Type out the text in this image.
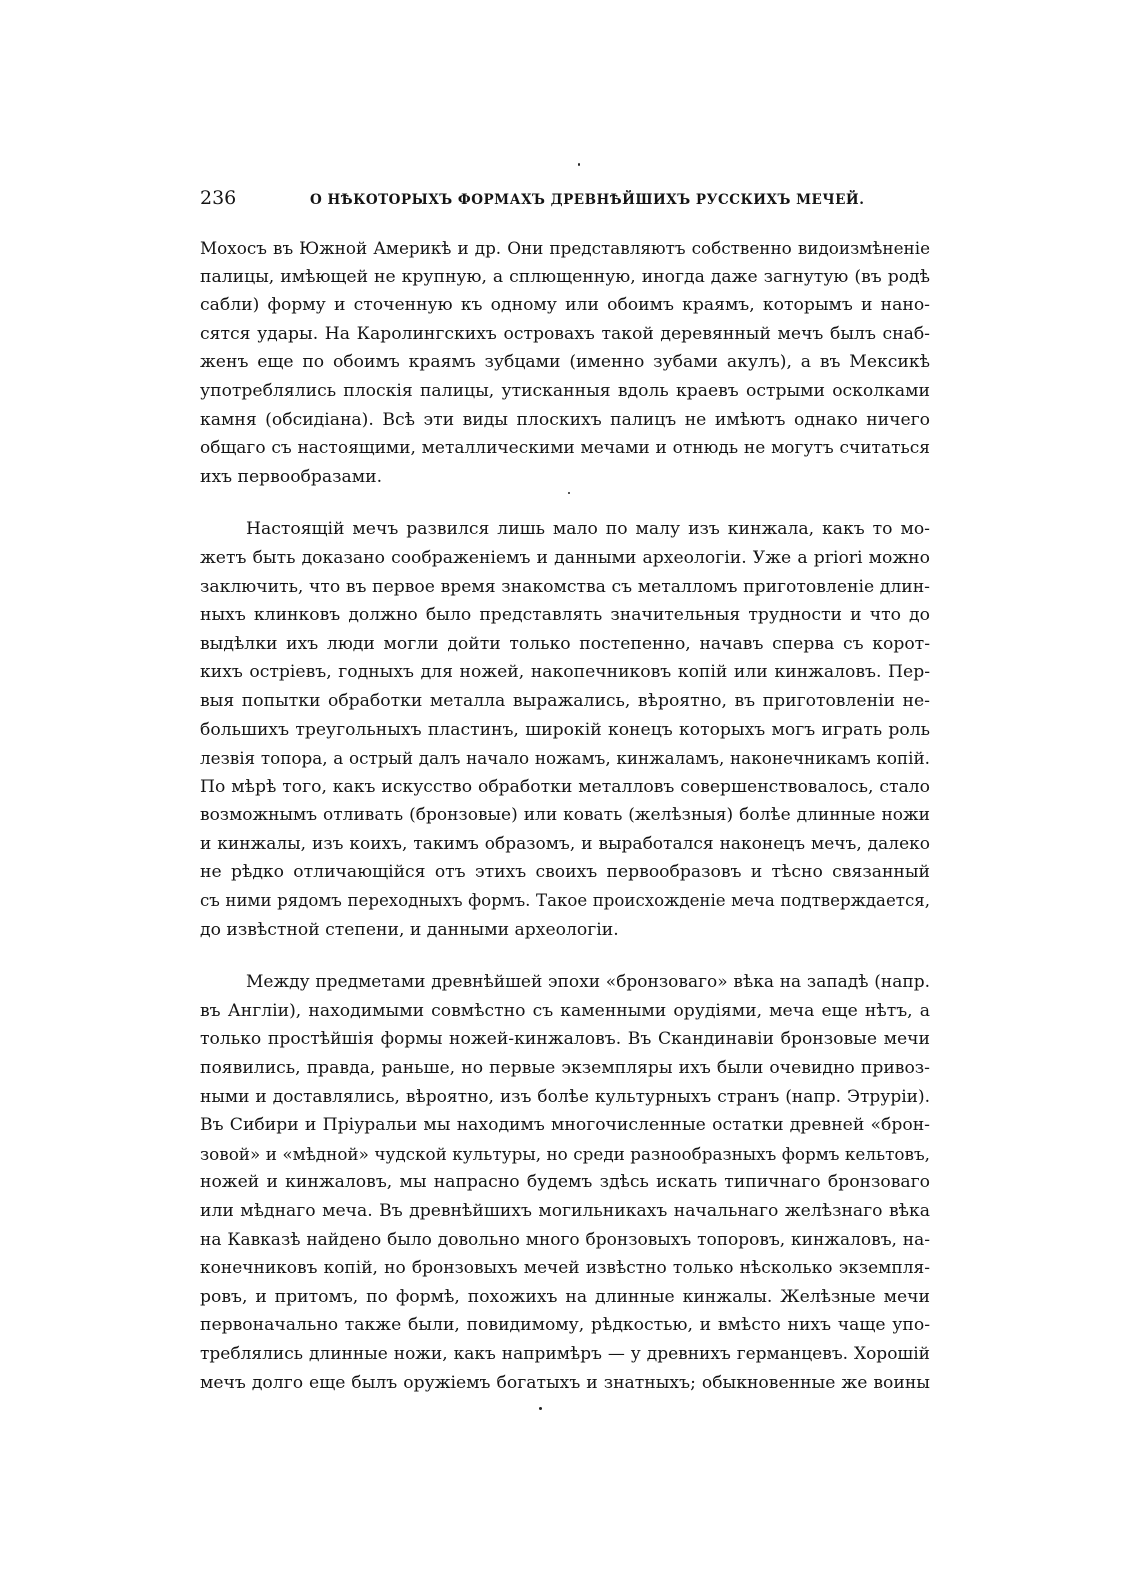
236	О НѢКОТОРЫХЪ ФОРМАХЪ ДРЕВНѢЙШИХЪ РУССКИХЪ МЕЧЕЙ.
Мохосъ въ Южной Америкѣ и др. Они представляютъ собственно видоизмѣненіе
палицы, имѣющей не крупную, а сплющенную, иногда даже загнутую (въ родѣ
сабли) форму и сточенную къ одному или обоимъ краямъ, которымъ и нано-
сятся удары. На Каролингскихъ островахъ такой деревянный мечъ былъ снаб-
женъ еще по обоимъ краямъ зубцами (именно зубами акулъ), а въ Мексикѣ
употреблялись плоскія палицы, утисканныя вдоль краевъ острыми осколками
камня (обсидіана). Всѣ эти виды плоскихъ палицъ не имѣютъ однако ничего
общаго съ настоящими, металлическими мечами и отнюдь не могутъ считаться
ихъ первообразами.
Настоящій мечъ развился лишь мало по малу изъ кинжала, какъ то мо-
жетъ быть доказано соображеніемъ и данными археологіи. Уже a priori можно
заключить, что въ первое время знакомства съ металломъ приготовленіе длин-
ныхъ клинковъ должно было представлять значительныя трудности и что до
выдѣлки ихъ люди могли дойти только постепенно, начавъ сперва съ корот-
кихъ остріевъ, годныхъ для ножей, накопечниковъ копій или кинжаловъ. Пер-
выя попытки обработки металла выражались, вѣроятно, въ приготовленіи не-
большихъ треугольныхъ пластинъ, широкій конецъ которыхъ могъ играть роль
лезвія топора, а острый далъ начало ножамъ, кинжаламъ, наконечникамъ копій.
По мѣрѣ того, какъ искусство обработки металловъ совершенствовалось, стало
возможнымъ отливать (бронзовые) или ковать (желѣзныя) болѣе длинные ножи
и кинжалы, изъ коихъ, такимъ образомъ, и выработался наконецъ мечъ, далеко
не рѣдко отличающійся отъ этихъ своихъ первообразовъ и тѣсно связанный
съ ними рядомъ переходныхъ формъ. Такое происхожденіе меча подтверждается,
до извѣстной степени, и данными археологіи.
Между предметами древнѣйшей эпохи «бронзоваго» вѣка на западѣ (напр.
въ Англіи), находимыми совмѣстно съ каменными орудіями, меча еще нѣтъ, а
только простѣйшія формы ножей-кинжаловъ. Въ Скандинавіи бронзовые мечи
появились, правда, раньше, но первые экземпляры ихъ были очевидно привоз-
ными и доставлялись, вѣроятно, изъ болѣе культурныхъ странъ (напр. Этруріи).
Въ Сибири и Пріуральи мы находимъ многочисленные остатки древней «брон-
зовой» и «мѣдной» чудской культуры, но среди разнообразныхъ формъ кельтовъ,
ножей и кинжаловъ, мы напрасно будемъ здѣсь искать типичнаго бронзоваго
или мѣднаго меча. Въ древнѣйшихъ могильникахъ начальнаго желѣзнаго вѣка
на Кавказѣ найдено было довольно много бронзовыхъ топоровъ, кинжаловъ, на-
конечниковъ копій, но бронзовыхъ мечей извѣстно только нѣсколько экземпля-
ровъ, и притомъ, по формѣ, похожихъ на длинные кинжалы. Желѣзные мечи
первоначально также были, повидимому, рѣдкостью, и вмѣсто нихъ чаще упо-
треблялись длинные ножи, какъ напримѣръ — у древнихъ германцевъ. Хорошій
мечъ долго еще былъ оружіемъ богатыхъ и знатныхъ; обыкновенные же воины
